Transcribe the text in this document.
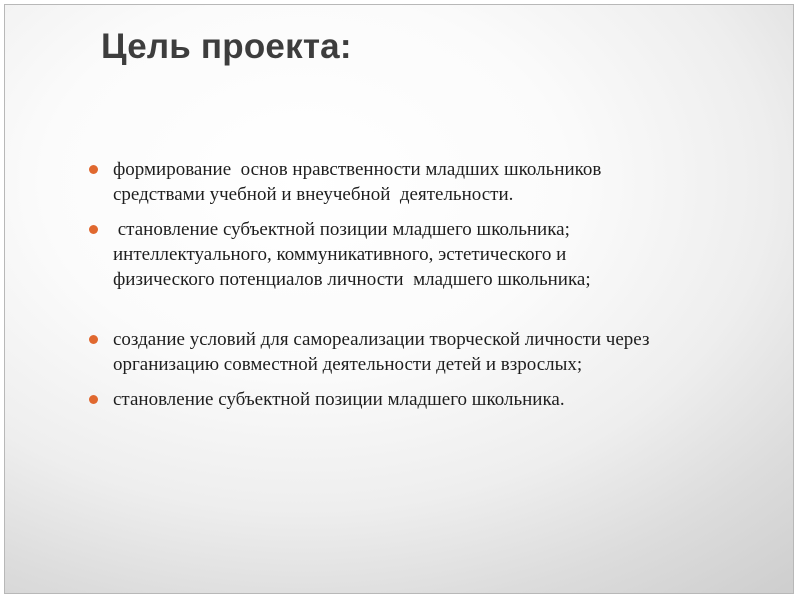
Цель проекта:
формирование  основ нравственности младших школьников
средствами учебной и внеучебной  деятельности.
становление субъектной позиции младшего школьника;
интеллектуального, коммуникативного, эстетического и
физического потенциалов личности  младшего школьника;
создание условий для самореализации творческой личности через
организацию совместной деятельности детей и взрослых;
становление субъектной позиции младшего школьника.
